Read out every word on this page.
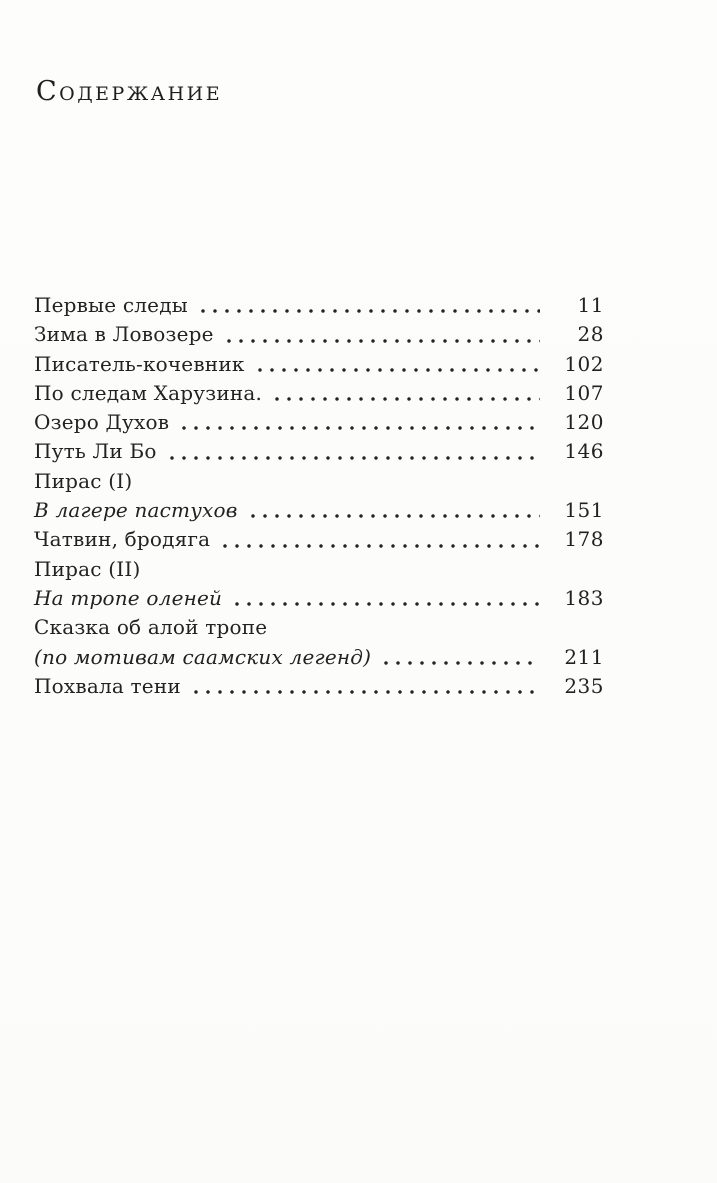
Содержание
Первые следы	11
Зима в Ловозере	28
Писатель-кочевник	102
По следам Харузина.	107
Озеро Духов	120
Путь Ли Бо	146
Пирас (I)
В лагере пастухов	151
Чатвин, бродяга	178
Пирас (II)
На тропе оленей	183
Сказка об алой тропе
(по мотивам саамских легенд)	211
Похвала тени	235
